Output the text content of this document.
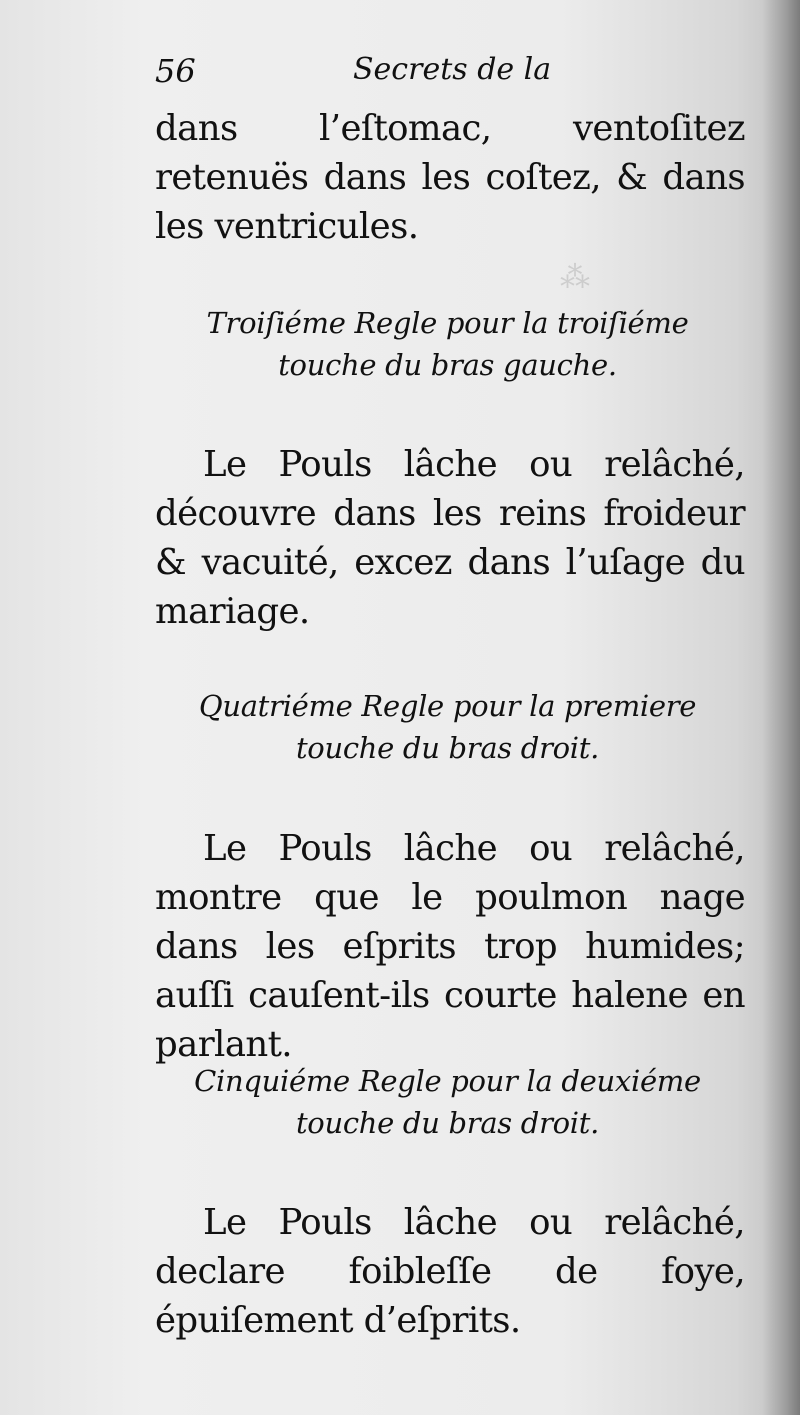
⁂
56	Secrets de la
dans l’eſtomac, ventoſitez retenuës dans les coſtez, & dans les ventricules.
Troiſiéme Regle pour la troiſiéme
touche du bras gauche.
Le Pouls lâche ou relâché, découvre dans les reins froideur & vacuité, excez dans l’uſage du mariage.
Quatriéme Regle pour la premiere
touche du bras droit.
Le Pouls lâche ou relâché, montre que le poulmon nage dans les eſprits trop humides; auſſi cauſent-ils courte halene en parlant.
Cinquiéme Regle pour la deuxiéme
touche du bras droit.
Le Pouls lâche ou relâché, declare foibleſſe de foye, épuiſement d’eſprits.
